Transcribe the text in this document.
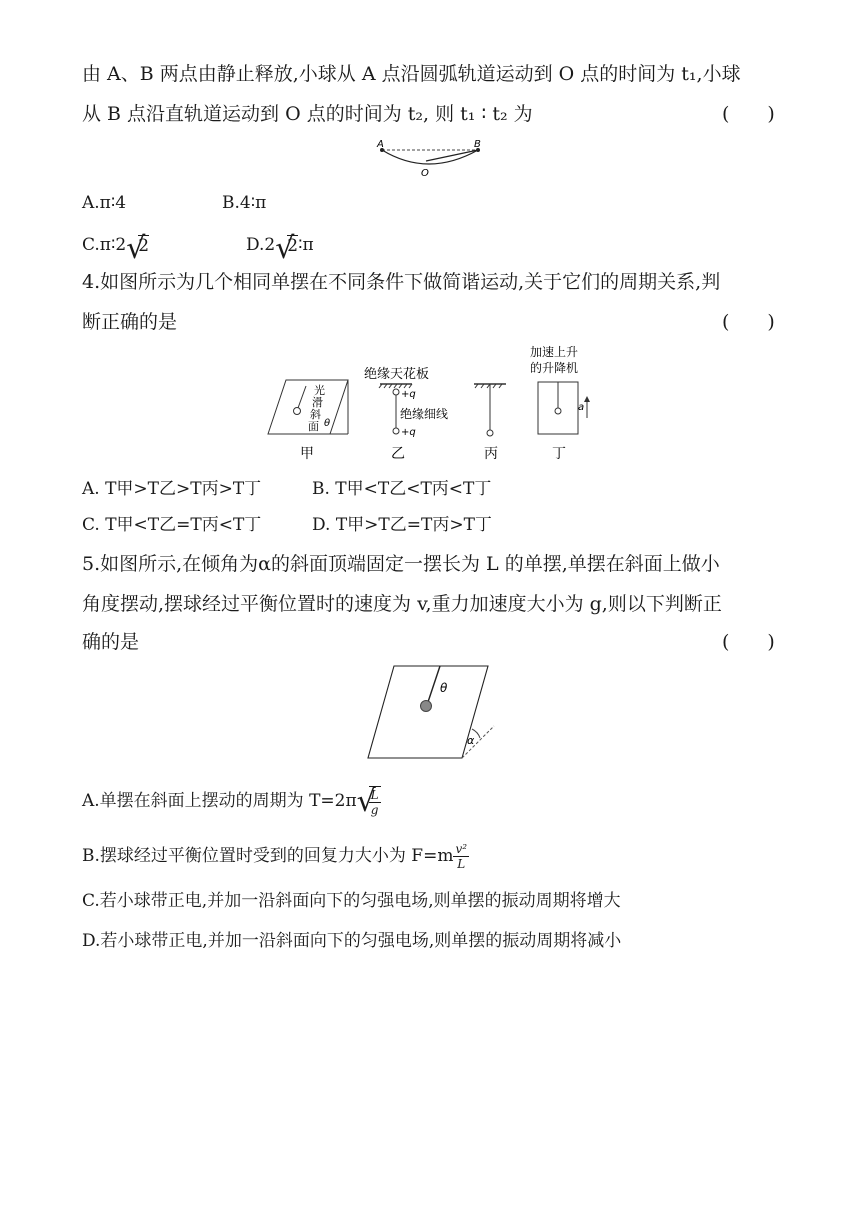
由 A、B 两点由静止释放,小球从 A 点沿圆弧轨道运动到 O 点的时间为 t₁,小球
从 B 点沿直轨道运动到 O 点的时间为 t₂, 则 t₁ ∶ t₂ 为	(　　)
A	B
O
A.π∶4	B.4∶π
C.π∶2 √ 2	D.2 √ 2∶π
4.如图所示为几个相同单摆在不同条件下做简谐运动,关于它们的周期关系,判
断正确的是	(　　)
光
滑
斜
面 θ
绝缘天花板
+q
绝缘细线
+q
加速上升
的升降机
a
甲	乙	丙	丁
A. T甲>T乙>T丙>T丁	B. T甲<T乙<T丙<T丁
C. T甲<T乙=T丙<T丁	D. T甲>T乙=T丙>T丁
5.如图所示,在倾角为α的斜面顶端固定一摆长为 L 的单摆,单摆在斜面上做小
角度摆动,摆球经过平衡位置时的速度为 v,重力加速度大小为 g,则以下判断正
确的是	(　　)
θ
α
A.单摆在斜面上摆动的周期为 T=2π √ $\frac{L}{g}$
B.摆球经过平衡位置时受到的回复力大小为 $F=m \frac{\text{v²}}{L}$
C.若小球带正电,并加一沿斜面向下的匀强电场,则单摆的振动周期将增大
D.若小球带正电,并加一沿斜面向下的匀强电场,则单摆的振动周期将减小
